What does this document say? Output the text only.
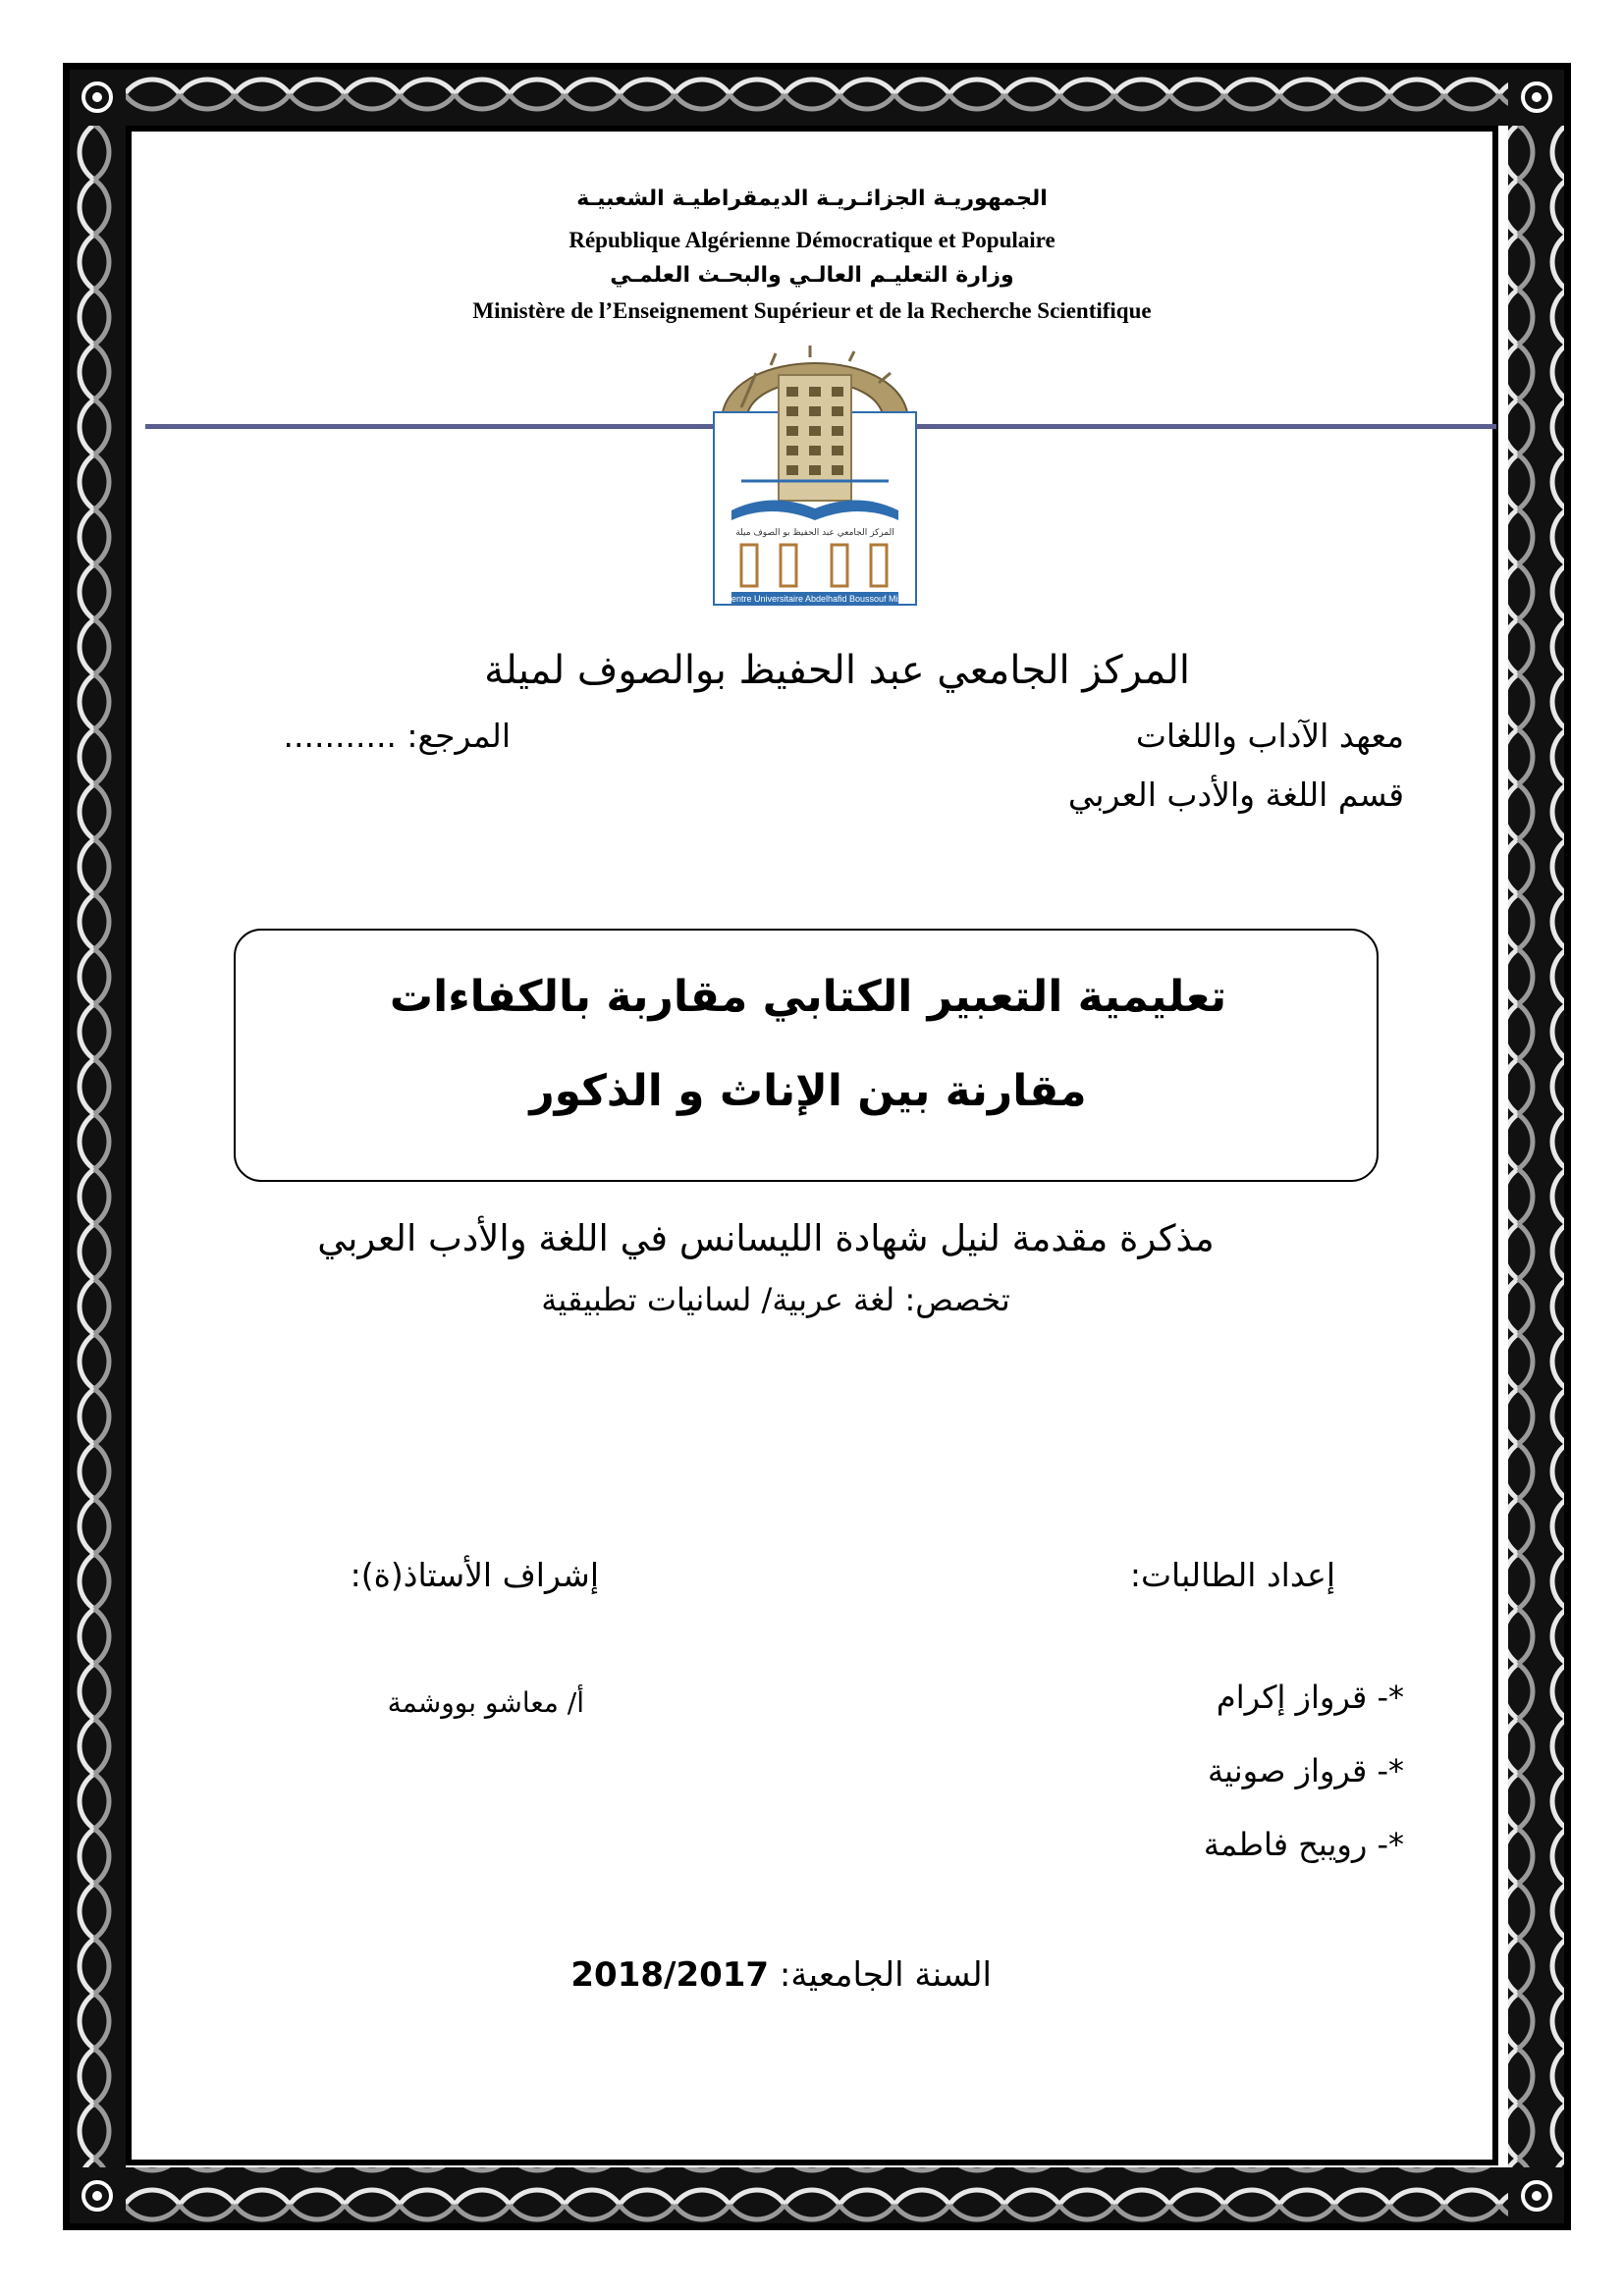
الجمهوريـة الجزائـريـة الديمقراطيـة الشعبيـة
République Algérienne Démocratique et Populaire
وزارة التعليـم العالـي والبحـث العلمـي
Ministère de l’Enseignement Supérieur et de la Recherche Scientifique
المركز الجامعي عبد الحفيظ بو الصوف ميلة
Centre Universitaire Abdelhafid Boussouf Mila
المركز الجامعي عبد الحفيظ بوالصوف لميلة
معهد الآداب واللغات
المرجع: ...........
قسم اللغة والأدب العربي
تعليمية التعبير الكتابي مقاربة بالكفاءات
مقارنة بين الإناث و الذكور
مذكرة مقدمة لنيل شهادة الليسانس في اللغة والأدب العربي
تخصص: لغة عربية/ لسانيات تطبيقية
إعداد الطالبات:
إشراف الأستاذ(ة):
*- قرواز إكرام
*- قرواز صونية
*- رويبح فاطمة
أ/ معاشو بووشمة
السنة الجامعية: 2018/2017
